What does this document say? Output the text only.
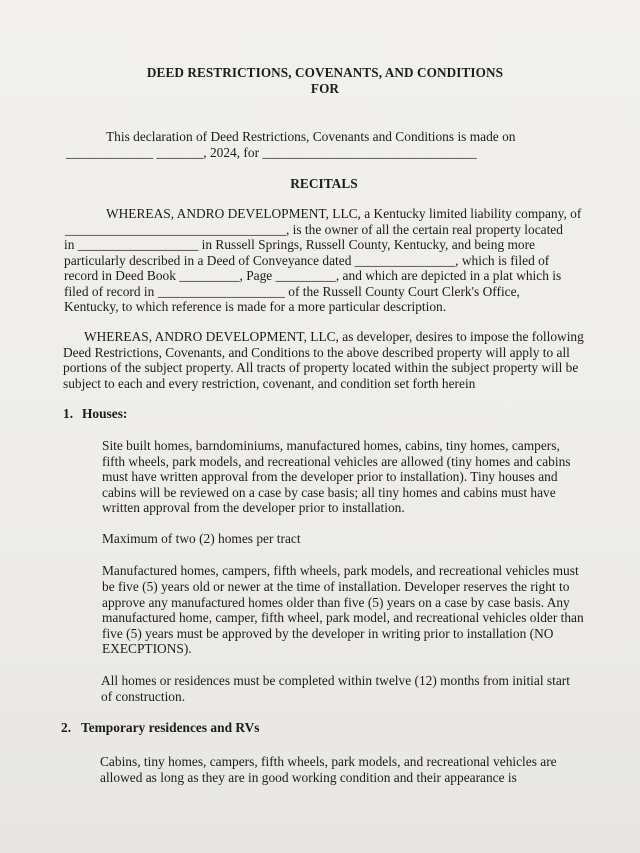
DEED RESTRICTIONS, COVENANTS, AND CONDITIONS
FOR
This declaration of Deed Restrictions, Covenants and Conditions is made on
_____________ _______, 2024, for ________________________________
RECITALS
WHEREAS, ANDRO DEVELOPMENT, LLC, a Kentucky limited liability company, of
_________________________________, is the owner of all the certain real property located
in __________________ in Russell Springs, Russell County, Kentucky, and being more
particularly described in a Deed of Conveyance dated _______________, which is filed of
record in Deed Book _________, Page _________, and which are depicted in a plat which is
filed of record in ___________________ of the Russell County Court Clerk's Office,
Kentucky, to which reference is made for a more particular description.
WHEREAS, ANDRO DEVELOPMENT, LLC, as developer, desires to impose the following
Deed Restrictions, Covenants, and Conditions to the above described property will apply to all
portions of the subject property. All tracts of property located within the subject property will be
subject to each and every restriction, covenant, and condition set forth herein
1. Houses:
Site built homes, barndominiums, manufactured homes, cabins, tiny homes, campers,
fifth wheels, park models, and recreational vehicles are allowed (tiny homes and cabins
must have written approval from the developer prior to installation). Tiny houses and
cabins will be reviewed on a case by case basis; all tiny homes and cabins must have
written approval from the developer prior to installation.
Maximum of two (2) homes per tract
Manufactured homes, campers, fifth wheels, park models, and recreational vehicles must
be five (5) years old or newer at the time of installation. Developer reserves the right to
approve any manufactured homes older than five (5) years on a case by case basis. Any
manufactured home, camper, fifth wheel, park model, and recreational vehicles older than
five (5) years must be approved by the developer in writing prior to installation (NO
EXECPTIONS).
All homes or residences must be completed within twelve (12) months from initial start
of construction.
2. Temporary residences and RVs
Cabins, tiny homes, campers, fifth wheels, park models, and recreational vehicles are
allowed as long as they are in good working condition and their appearance is
